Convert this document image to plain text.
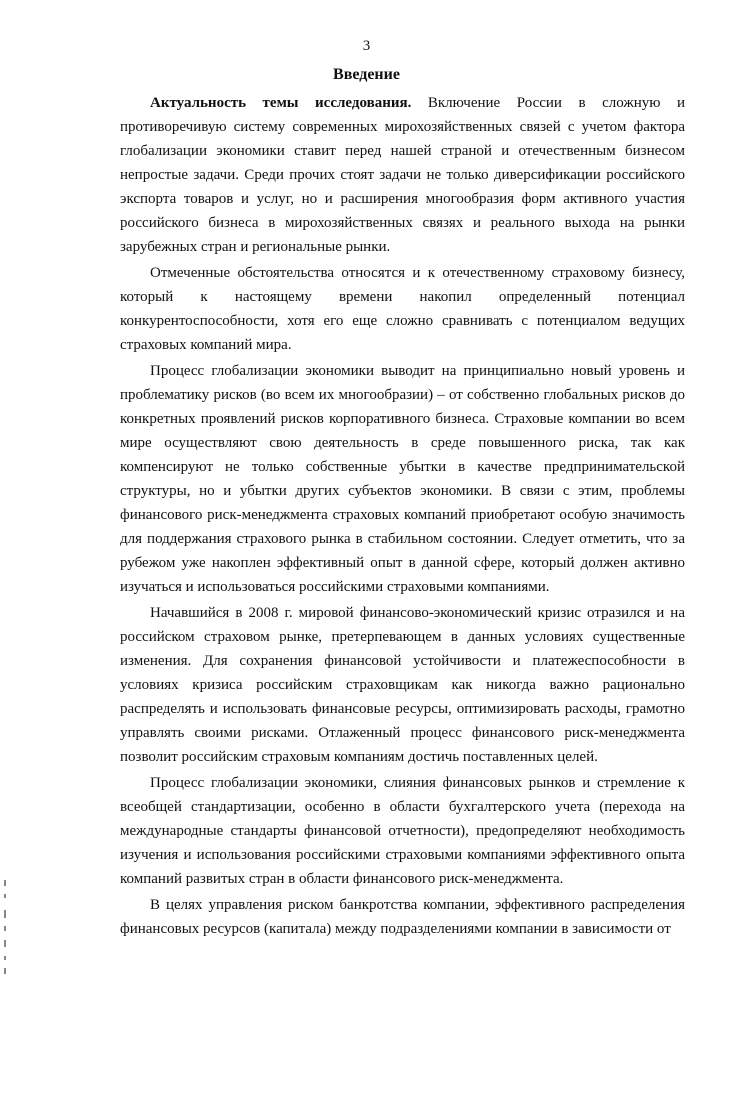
3
Введение

Актуальность темы исследования. Включение России в сложную и противоречивую систему современных мирохозяйственных связей с учетом фактора глобализации экономики ставит перед нашей страной и отечественным бизнесом непростые задачи. Среди прочих стоят задачи не только диверсификации российского экспорта товаров и услуг, но и расширения многообразия форм активного участия российского бизнеса в мирохозяйственных связях и реального выхода на рынки зарубежных стран и региональные рынки.

Отмеченные обстоятельства относятся и к отечественному страховому бизнесу, который к настоящему времени накопил определенный потенциал конкурентоспособности, хотя его еще сложно сравнивать с потенциалом ведущих страховых компаний мира.

Процесс глобализации экономики выводит на принципиально новый уровень и проблематику рисков (во всем их многообразии) – от собственно глобальных рисков до конкретных проявлений рисков корпоративного бизнеса. Страховые компании во всем мире осуществляют свою деятельность в среде повышенного риска, так как компенсируют не только собственные убытки в качестве предпринимательской структуры, но и убытки других субъектов экономики. В связи с этим, проблемы финансового риск-менеджмента страховых компаний приобретают особую значимость для поддержания страхового рынка в стабильном состоянии. Следует отметить, что за рубежом уже накоплен эффективный опыт в данной сфере, который должен активно изучаться и использоваться российскими страховыми компаниями.

Начавшийся в 2008 г. мировой финансово-экономический кризис отразился и на российском страховом рынке, претерпевающем в данных условиях существенные изменения. Для сохранения финансовой устойчивости и платежеспособности в условиях кризиса российским страховщикам как никогда важно рационально распределять и использовать финансовые ресурсы, оптимизировать расходы, грамотно управлять своими рисками. Отлаженный процесс финансового риск-менеджмента позволит российским страховым компаниям достичь поставленных целей.

Процесс глобализации экономики, слияния финансовых рынков и стремление к всеобщей стандартизации, особенно в области бухгалтерского учета (перехода на международные стандарты финансовой отчетности), предопределяют необходимость изучения и использования российскими страховыми компаниями эффективного опыта компаний развитых стран в области финансового риск-менеджмента.

В целях управления риском банкротства компании, эффективного распределения финансовых ресурсов (капитала) между подразделениями компании в зависимости от
